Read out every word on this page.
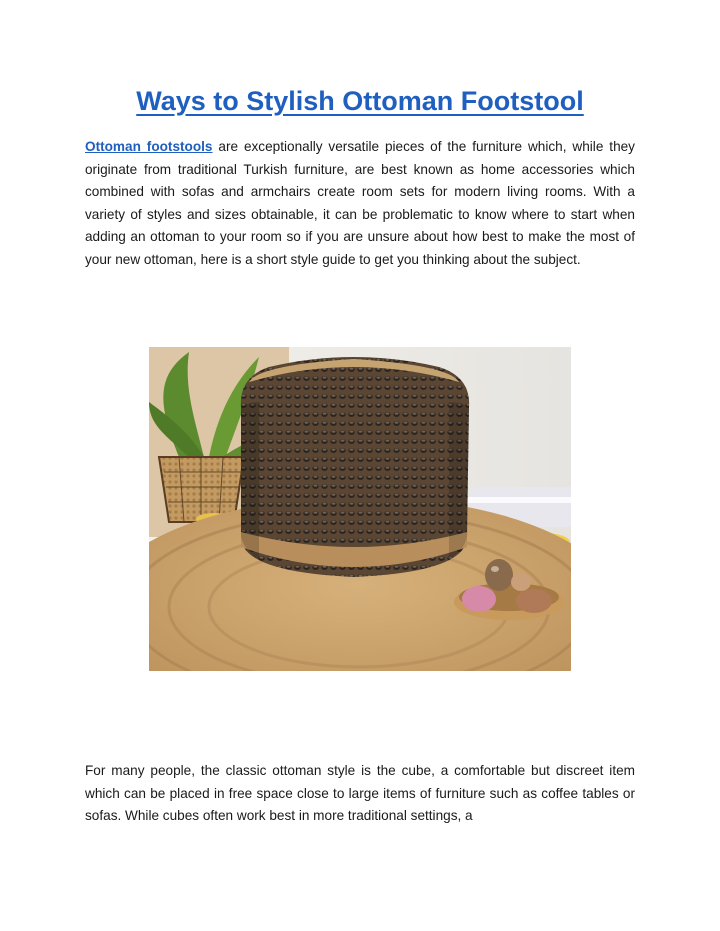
Ways to Stylish Ottoman Footstool
Ottoman footstools are exceptionally versatile pieces of the furniture which, while they originate from traditional Turkish furniture, are best known as home accessories which combined with sofas and armchairs create room sets for modern living rooms. With a variety of styles and sizes obtainable, it can be problematic to know where to start when adding an ottoman to your room so if you are unsure about how best to make the most of your new ottoman, here is a short style guide to get you thinking about the subject.
For many people, the classic ottoman style is the cube, a comfortable but discreet item which can be placed in free space close to large items of furniture such as coffee tables or sofas. While cubes often work best in more traditional settings, a
